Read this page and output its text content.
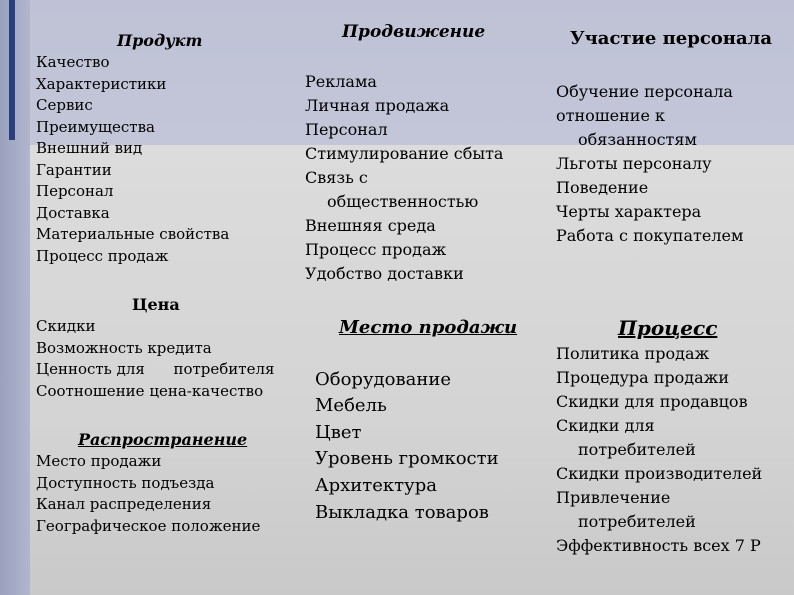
Продукт
Качество
Характеристики
Сервис
Преимущества
Внешний вид
Гарантии
Персонал
Доставка
Материальные свойства
Процесс продаж
Продвижение
Реклама
Личная продажа
Персонал
Стимулирование сбыта
Связь с
общественностью
Внешняя среда
Процесс продаж
Удобство доставки
Участие персонала
Обучение персонала
отношение к
обязанностям
Льготы персоналу
Поведение
Черты характера
Работа с покупателем
Цена
Скидки
Возможность кредита
Ценность для      потребителя
Соотношение цена-качество
Распространение
Место продажи
Доступность подъезда
Канал распределения
Географическое положение
Место продажи
Оборудование
Мебель
Цвет
Уровень громкости
Архитектура
Выкладка товаров
Процесс
Политика продаж
Процедура продажи
Скидки для продавцов
Скидки для
потребителей
Скидки производителей
Привлечение
потребителей
Эффективность всех 7 Р
